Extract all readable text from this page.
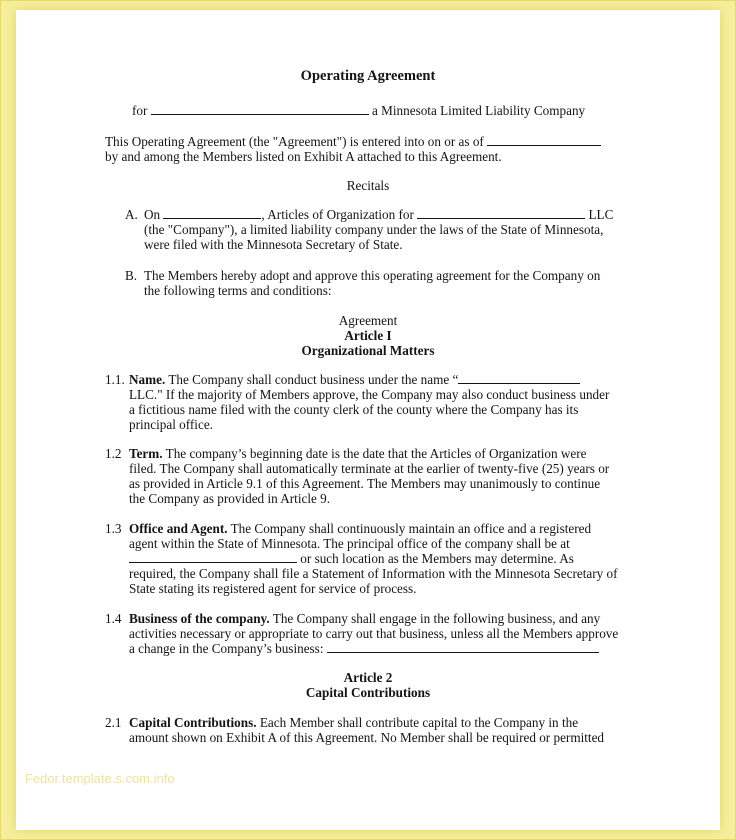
Operating Agreement
for	a Minnesota Limited Liability Company
This Operating Agreement (the "Agreement") is entered into on or as of
by and among the Members listed on Exhibit A attached to this Agreement.
Recitals
A. On	, Articles of Organization for	LLC
(the "Company"), a limited liability company under the laws of the State of Minnesota,
were filed with the Minnesota Secretary of State.
B. The Members hereby adopt and approve this operating agreement for the Company on
the following terms and conditions:
Agreement
Article I
Organizational Matters
1.1. Name. The Company shall conduct business under the name “
LLC." If the majority of Members approve, the Company may also conduct business under
a fictitious name filed with the county clerk of the county where the Company has its
principal office.
1.2 Term. The company’s beginning date is the date that the Articles of Organization were
filed. The Company shall automatically terminate at the earlier of twenty-five (25) years or
as provided in Article 9.1 of this Agreement. The Members may unanimously to continue
the Company as provided in Article 9.
1.3 Office and Agent. The Company shall continuously maintain an office and a registered
agent within the State of Minnesota. The principal office of the company shall be at
or such location as the Members may determine. As
required, the Company shall file a Statement of Information with the Minnesota Secretary of
State stating its registered agent for service of process.
1.4 Business of the company. The Company shall engage in the following business, and any
activities necessary or appropriate to carry out that business, unless all the Members approve
a change in the Company’s business:
Article 2
Capital Contributions
2.1 Capital Contributions. Each Member shall contribute capital to the Company in the
amount shown on Exhibit A of this Agreement. No Member shall be required or permitted
Fedor.template.s.com.info
